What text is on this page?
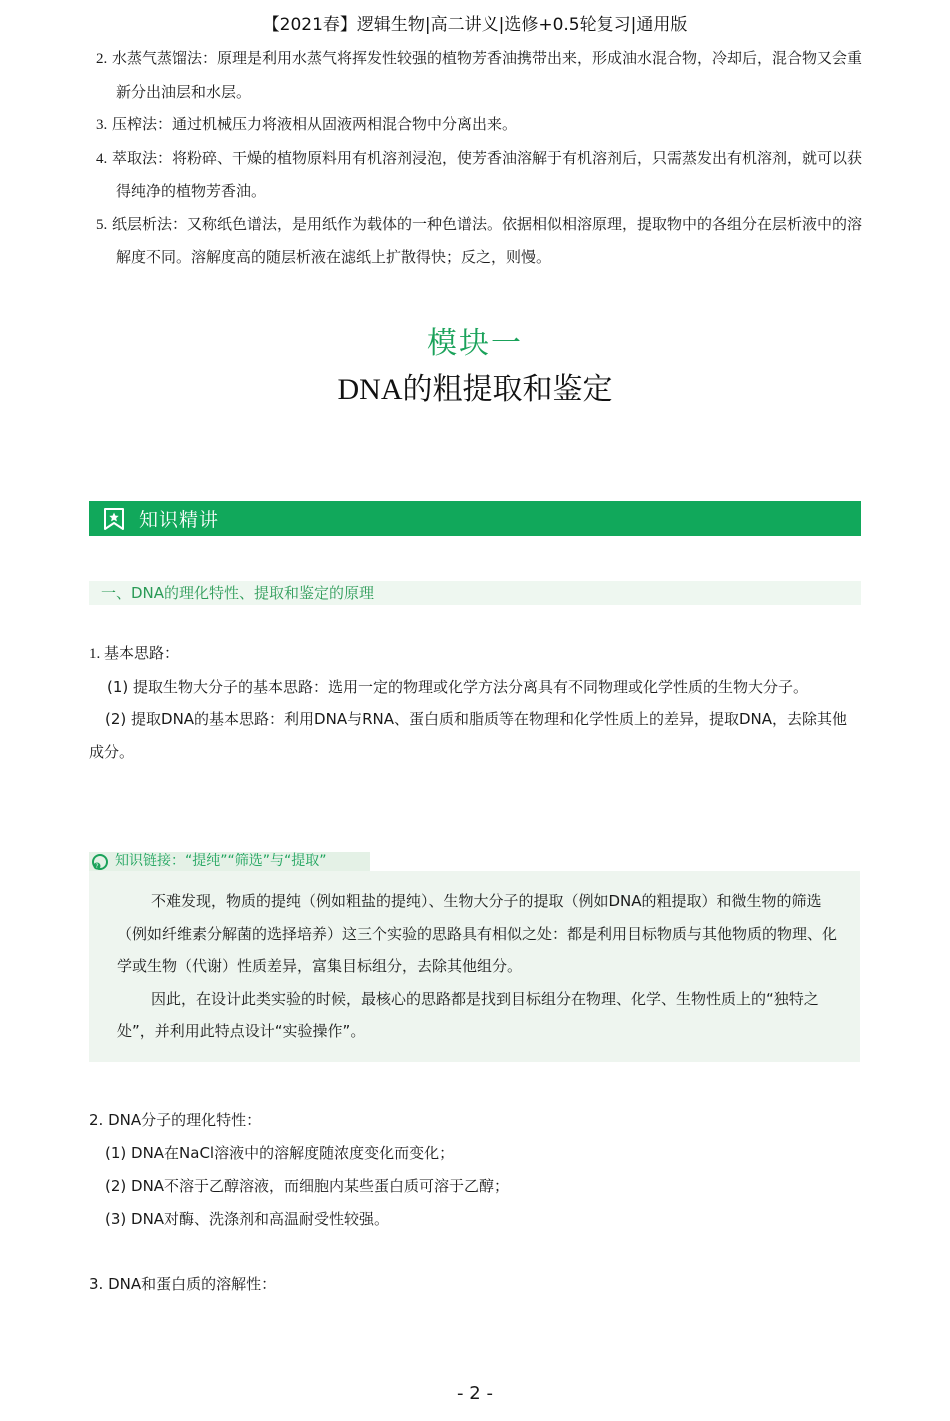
【2021春】逻辑生物|高二讲义|选修+0.5轮复习|通用版
2. 水蒸气蒸馏法：原理是利用水蒸气将挥发性较强的植物芳香油携带出来，形成油水混合物，冷却后，混合物又会重新分出油层和水层。
3. 压榨法：通过机械压力将液相从固液两相混合物中分离出来。
4. 萃取法：将粉碎、干燥的植物原料用有机溶剂浸泡，使芳香油溶解于有机溶剂后，只需蒸发出有机溶剂，就可以获得纯净的植物芳香油。
5. 纸层析法：又称纸色谱法，是用纸作为载体的一种色谱法。依据相似相溶原理，提取物中的各组分在层析液中的溶解度不同。溶解度高的随层析液在滤纸上扩散得快；反之，则慢。
模块一
DNA的粗提取和鉴定
知识精讲
一、DNA的理化特性、提取和鉴定的原理

1. 基本思路：

(1) 提取生物大分子的基本思路：选用一定的物理或化学方法分离具有不同物理或化学性质的生物大分子。

(2) 提取DNA的基本思路：利用DNA与RNA、蛋白质和脂质等在物理和化学性质上的差异，提取DNA，去除其他成分。

? 知识链接：“提纯”“筛选”与“提取”

不难发现，物质的提纯（例如粗盐的提纯）、生物大分子的提取（例如DNA的粗提取）和微生物的筛选（例如纤维素分解菌的选择培养）这三个实验的思路具有相似之处：都是利用目标物质与其他物质的物理、化学或生物（代谢）性质差异，富集目标组分，去除其他组分。

因此，在设计此类实验的时候，最核心的思路都是找到目标组分在物理、化学、生物性质上的“独特之处”，并利用此特点设计“实验操作”。

2. DNA分子的理化特性：

(1) DNA在NaCl溶液中的溶解度随浓度变化而变化；

(2) DNA不溶于乙醇溶液，而细胞内某些蛋白质可溶于乙醇；

(3) DNA对酶、洗涤剂和高温耐受性较强。

3. DNA和蛋白质的溶解性：

- 2 -
